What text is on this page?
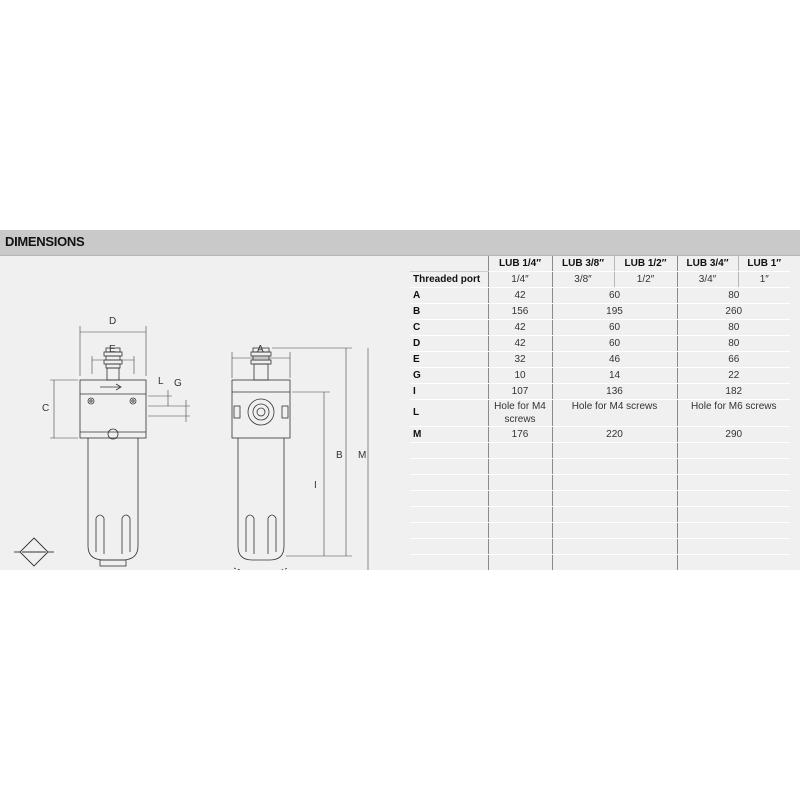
DIMENSIONS
D
E
C
L G
A
I
B M
	LUB 1/4″	LUB 3/8″	LUB 1/2″	LUB 3/4″	LUB 1″
Threaded port	1/4″	3/8″	1/2″	3/4″	1″
A	42	60		80	
B	156	195		260	
C	42	60		80	
D	42	60		80	
E	32	46		66	
G	10	14		22	
I	107	136		182	
L	Hole for M4 screws	Hole for M4 screws		Hole for M6 screws	
M	176	220		290	
